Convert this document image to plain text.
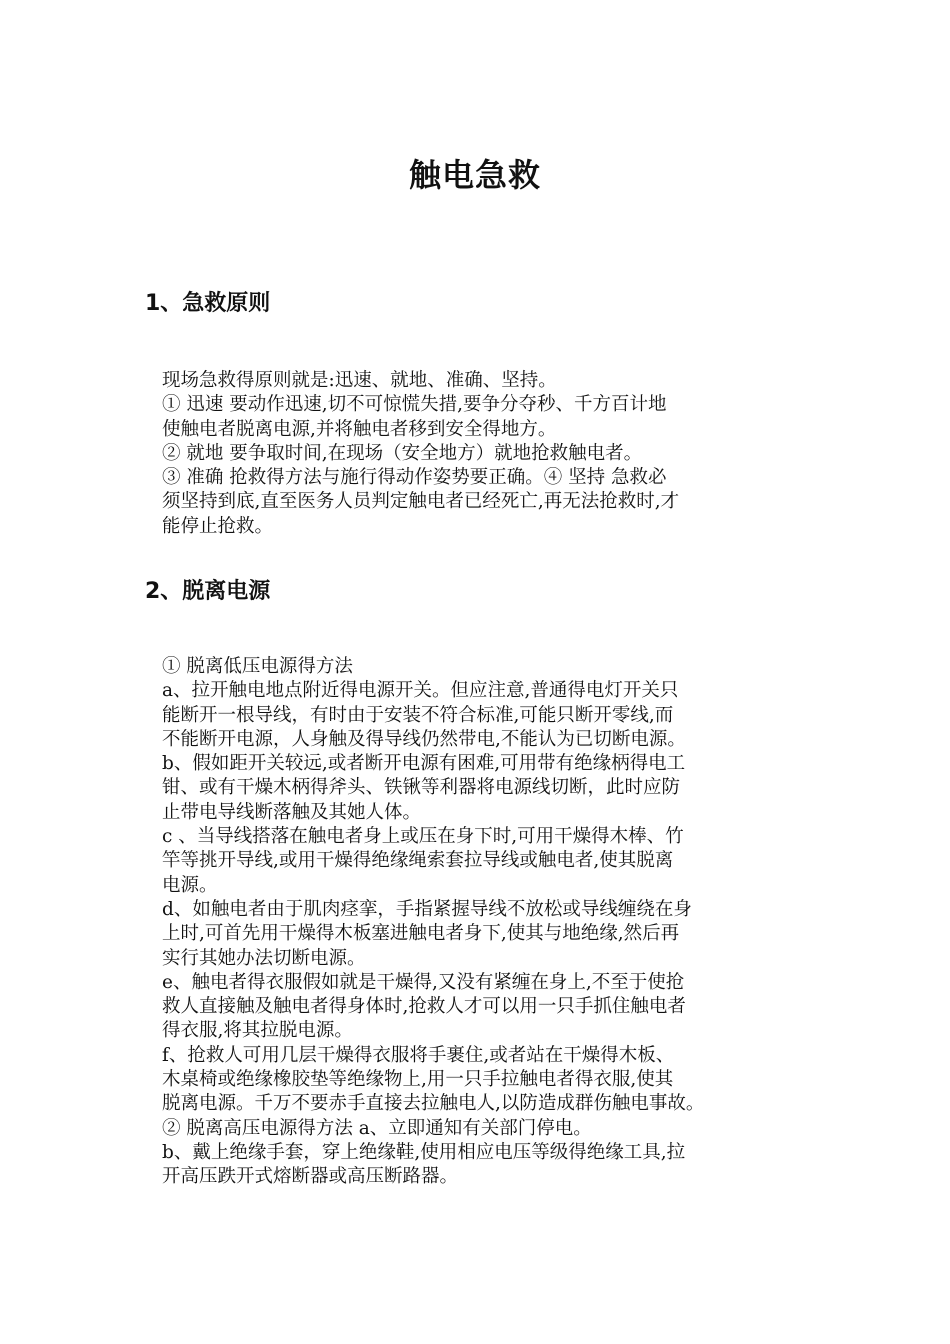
触电急救
1、急救原则
现场急救得原则就是:迅速、就地、准确、坚持。
① 迅速 要动作迅速,切不可惊慌失措,要争分夺秒、千方百计地
使触电者脱离电源,并将触电者移到安全得地方。
② 就地 要争取时间,在现场（安全地方）就地抢救触电者。
③ 准确 抢救得方法与施行得动作姿势要正确。④ 坚持 急救必
须坚持到底,直至医务人员判定触电者已经死亡,再无法抢救时,才
能停止抢救。
2、脱离电源
① 脱离低压电源得方法
a、拉开触电地点附近得电源开关。但应注意,普通得电灯开关只
能断开一根导线，有时由于安装不符合标准,可能只断开零线,而
不能断开电源，人身触及得导线仍然带电,不能认为已切断电源。
b、假如距开关较远,或者断开电源有困难,可用带有绝缘柄得电工
钳、或有干燥木柄得斧头、铁锹等利器将电源线切断，此时应防
止带电导线断落触及其她人体。
c 、当导线搭落在触电者身上或压在身下时,可用干燥得木棒、竹
竿等挑开导线,或用干燥得绝缘绳索套拉导线或触电者,使其脱离
电源。
d、如触电者由于肌肉痉挛，手指紧握导线不放松或导线缠绕在身
上时,可首先用干燥得木板塞进触电者身下,使其与地绝缘,然后再
实行其她办法切断电源。
e、触电者得衣服假如就是干燥得,又没有紧缠在身上,不至于使抢
救人直接触及触电者得身体时,抢救人才可以用一只手抓住触电者
得衣服,将其拉脱电源。
f、抢救人可用几层干燥得衣服将手裹住,或者站在干燥得木板、
木桌椅或绝缘橡胶垫等绝缘物上,用一只手拉触电者得衣服,使其
脱离电源。千万不要赤手直接去拉触电人,以防造成群伤触电事故。
② 脱离高压电源得方法 a、立即通知有关部门停电。
b、戴上绝缘手套，穿上绝缘鞋,使用相应电压等级得绝缘工具,拉
开高压跌开式熔断器或高压断路器。
